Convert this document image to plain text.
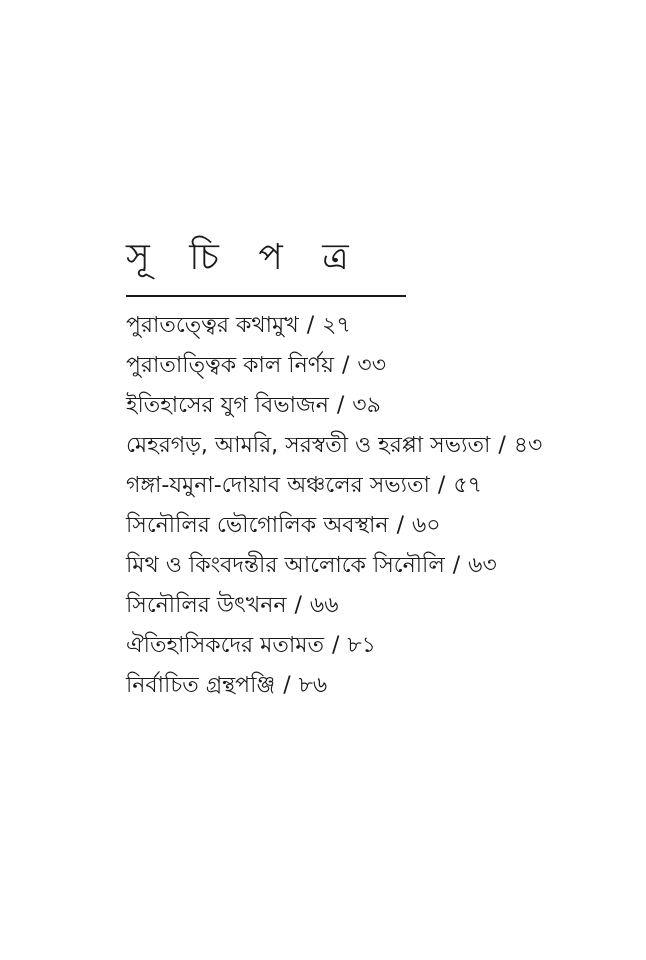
সূ চি প ত্র
পুরাতত্ত্বের কথামুখ / ২৭
পুরাতাত্ত্বিক কাল নির্ণয় / ৩৩
ইতিহাসের যুগ বিভাজন / ৩৯
মেহরগড়, আমরি, সরস্বতী ও হরপ্পা সভ্যতা / ৪৩
গঙ্গা-যমুনা-দোয়াব অঞ্চলের সভ্যতা / ৫৭
সিনৌলির ভৌগোলিক অবস্থান / ৬০
মিথ ও কিংবদন্তীর আলোকে সিনৌলি / ৬৩
সিনৌলির উৎখনন / ৬৬
ঐতিহাসিকদের মতামত / ৮১
নির্বাচিত গ্রন্থপঞ্জি / ৮৬
